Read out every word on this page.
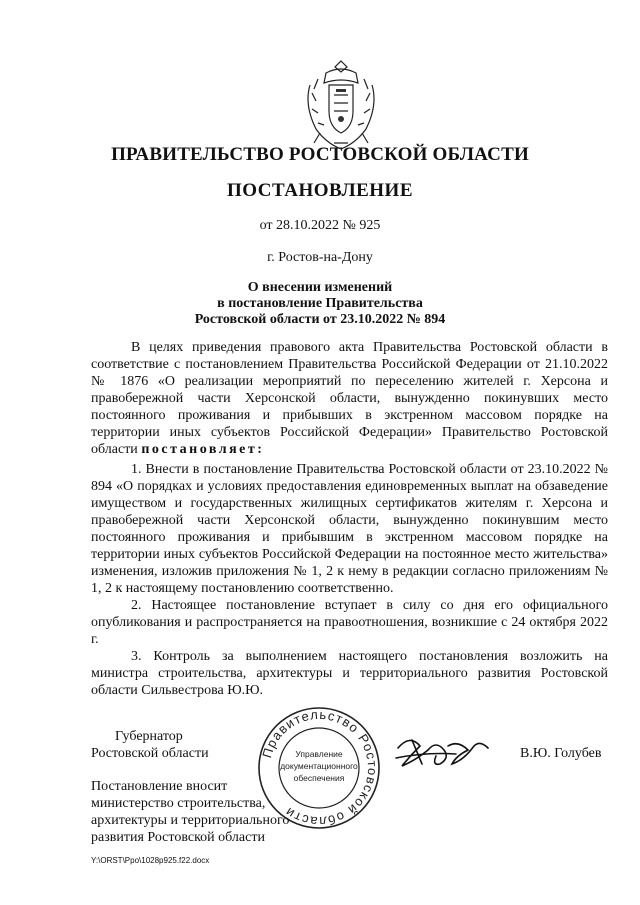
ПРАВИТЕЛЬСТВО РОСТОВСКОЙ ОБЛАСТИ
ПОСТАНОВЛЕНИЕ
от 28.10.2022 № 925
г. Ростов-на-Дону
О внесении изменений
в постановление Правительства
Ростовской области от 23.10.2022 № 894

В целях приведения правового акта Правительства Ростовской области в соответствие с постановлением Правительства Российской Федерации от 21.10.2022 № 1876 «О реализации мероприятий по переселению жителей г. Херсона и правобережной части Херсонской области, вынужденно покинувших место постоянного проживания и прибывших в экстренном массовом порядке на территории иных субъектов Российской Федерации» Правительство Ростовской области постановляет:

1. Внести в постановление Правительства Ростовской области от 23.10.2022 № 894 «О порядках и условиях предоставления единовременных выплат на обзаведение имуществом и государственных жилищных сертификатов жителям г. Херсона и правобережной части Херсонской области, вынужденно покинувшим место постоянного проживания и прибывшим в экстренном массовом порядке на территории иных субъектов Российской Федерации на постоянное место жительства» изменения, изложив приложения № 1, 2 к нему в редакции согласно приложениям № 1, 2 к настоящему постановлению соответственно.

2. Настоящее постановление вступает в силу со дня его официального опубликования и распространяется на правоотношения, возникшие с 24 октября 2022 г.

3. Контроль за выполнением настоящего постановления возложить на министра строительства, архитектуры и территориального развития Ростовской области Сильвестрова Ю.Ю.

Губернатор
Ростовской области	В.Ю. Голубев
Правительство Ростовской области
Управление
документационного
обеспечения
Постановление вносит
министерство строительства,
архитектуры и территориального
развития Ростовской области
Y:\ORST\Ppo\1028p925.f22.docx
